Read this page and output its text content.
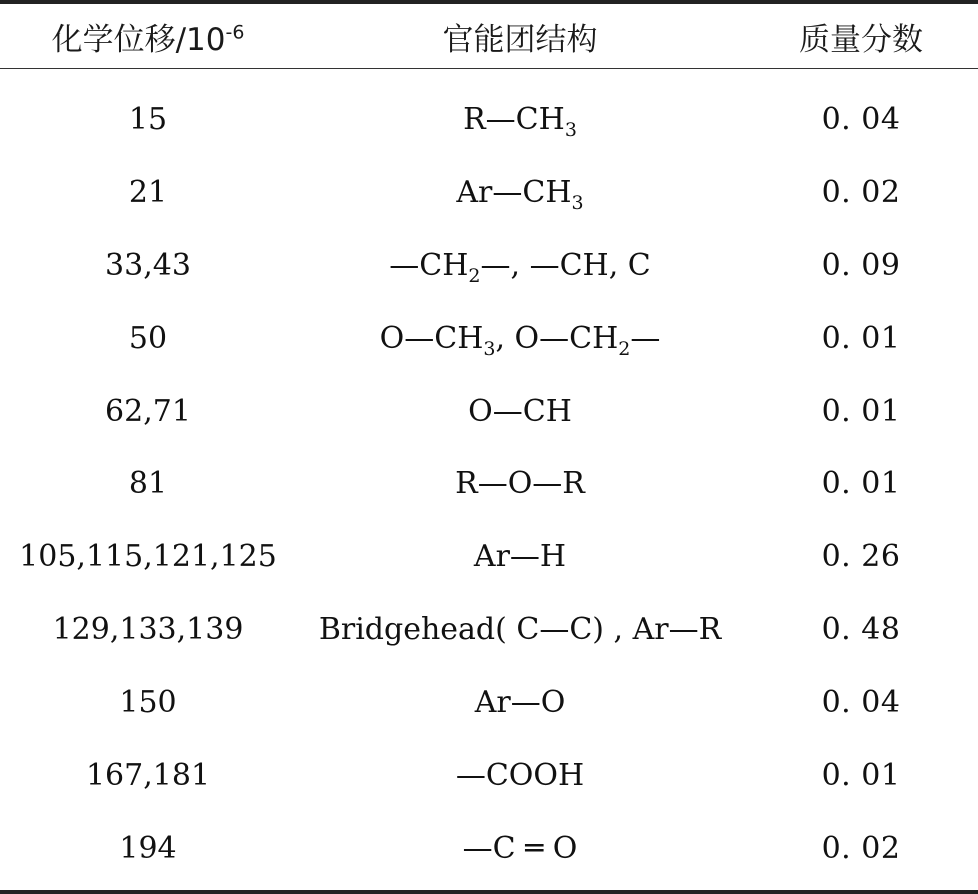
化学位移$/10^{-6}$	官能团结构	质量分数
15	$R—CH_3$	0. 04
21	$Ar—CH_3$	0. 02
33,43	$—CH_2—$, —CH, C	0. 09
50	$O—CH_3$, $O—CH_2—$	0. 01
62,71	O—CH	0. 01
81	R—O—R	0. 01
105,115,121,125	Ar—H	0. 26
129,133,139	Bridgehead( C—C) , Ar—R	0. 48
150	Ar—O	0. 04
167,181	—COOH	0. 01
194	—C ═ O	0. 02
